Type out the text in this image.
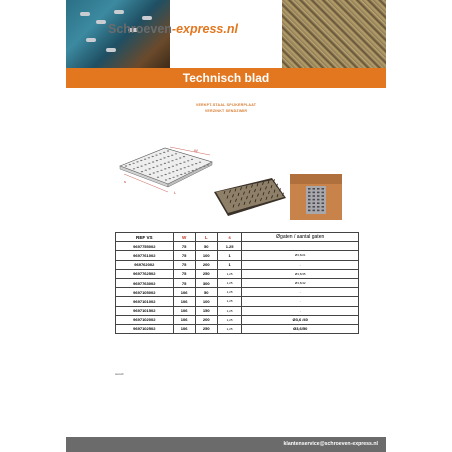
Schroeven-express.nl
Technisch blad
VERKPT-STAAL SPIJKERPLAAT
VERZINKT SENDZIMIR
W
L
s
REF VS	W	L	s	Øgaten / aantal gaten
9697755002	75	50	1.25	
9697761002	75	100	1	Ø3,6/21
969762002	75	200	1	-
9697762502	75	250	1,25	Ø3,6/35
9697763002	75	300	1,25	Ø3,6/42
9697105002	106	50	1,25	-
9697101002	106	100	1,25	-
9697101502	106	150	1,25	-
9697102002	106	200	1,25	Ø3,6 /40
9697102502	106	250	1,25	Ø3,6/50
stand0
klantenservice@schroeven-express.nl
